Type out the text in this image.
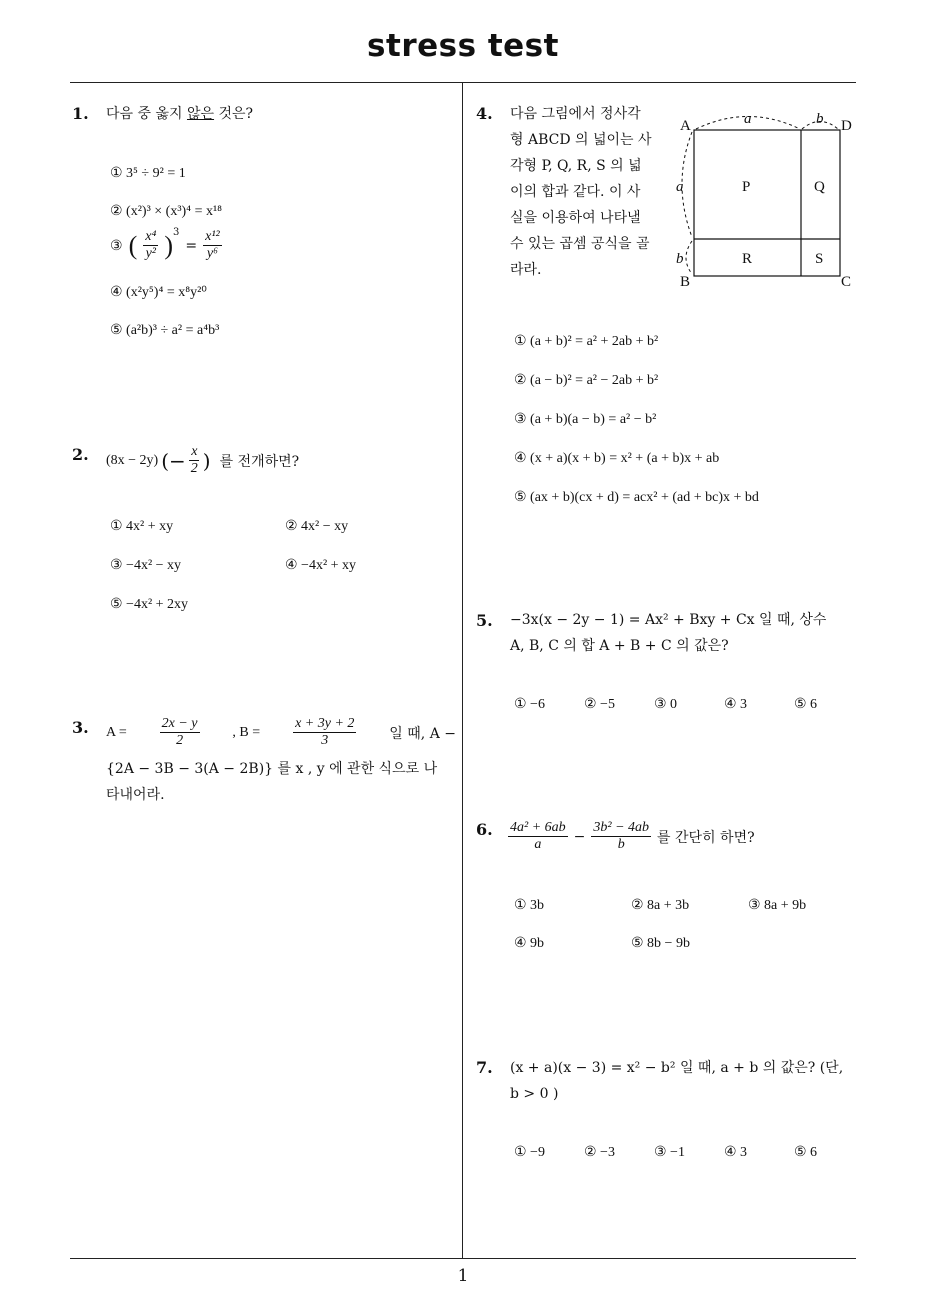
stress test
1
1. 다음 중 옳지 않은 것은?
① 3⁵ ÷ 9² = 1
② (x²)³ × (x³)⁴ = x¹⁸
③ ( $\frac{\text{x⁴}}{\text{y²}} )^3$
= $\frac{\text{x¹²}}{\text{y⁶}}$
④ (x²y⁵)⁴ = x⁸y²⁰
⑤ (a²b)³ ÷ a² = a⁴b³
2. (8x − 2y) (− $\frac{x}{2}$ ) 를 전개하면?
① 4x² + xy	② 4x² − xy
③ −4x² − xy	④ −4x² + xy
⑤ −4x² + 2xy
3. $A = \frac{2x - y}{2}$ , $B = \frac{x + 3y + 2}{3}$ 일 때, A −
{2A − 3B − 3(A − 2B)} 를 x , y 에 관한 식으로 나
타내어라.
4. 다음 그림에서 정사각
형 ABCD 의 넓이는 사
각형 P, Q, R, S 의 넓
이의 합과 같다. 이 사
실을 이용하여 나타낼
수 있는 곱셈 공식을 골
라라.
A	D
B	C
P	Q
R	S
a	b
a
b
① (a + b)² = a² + 2ab + b²
② (a − b)² = a² − 2ab + b²
③ (a + b)(a − b) = a² − b²
④ (x + a)(x + b) = x² + (a + b)x + ab
⑤ (ax + b)(cx + d) = acx² + (ad + bc)x + bd
5. −3x(x − 2y − 1) = Ax² + Bxy + Cx 일 때, 상수
A, B, C 의 합 A + B + C 의 값은?
① −6	② −5	③ 0	④ 3	⑤ 6
6. $\frac{\text{4a² + 6ab}}{a} - \frac{\text{3b² − 4ab}}{b}$ 를 간단히 하면?
① 3b	② 8a + 3b	③ 8a + 9b
④ 9b	⑤ 8b − 9b
7. (x + a)(x − 3) = x² − b² 일 때, a + b 의 값은? (단,
b > 0 )
① −9	② −3	③ −1	④ 3	⑤ 6
